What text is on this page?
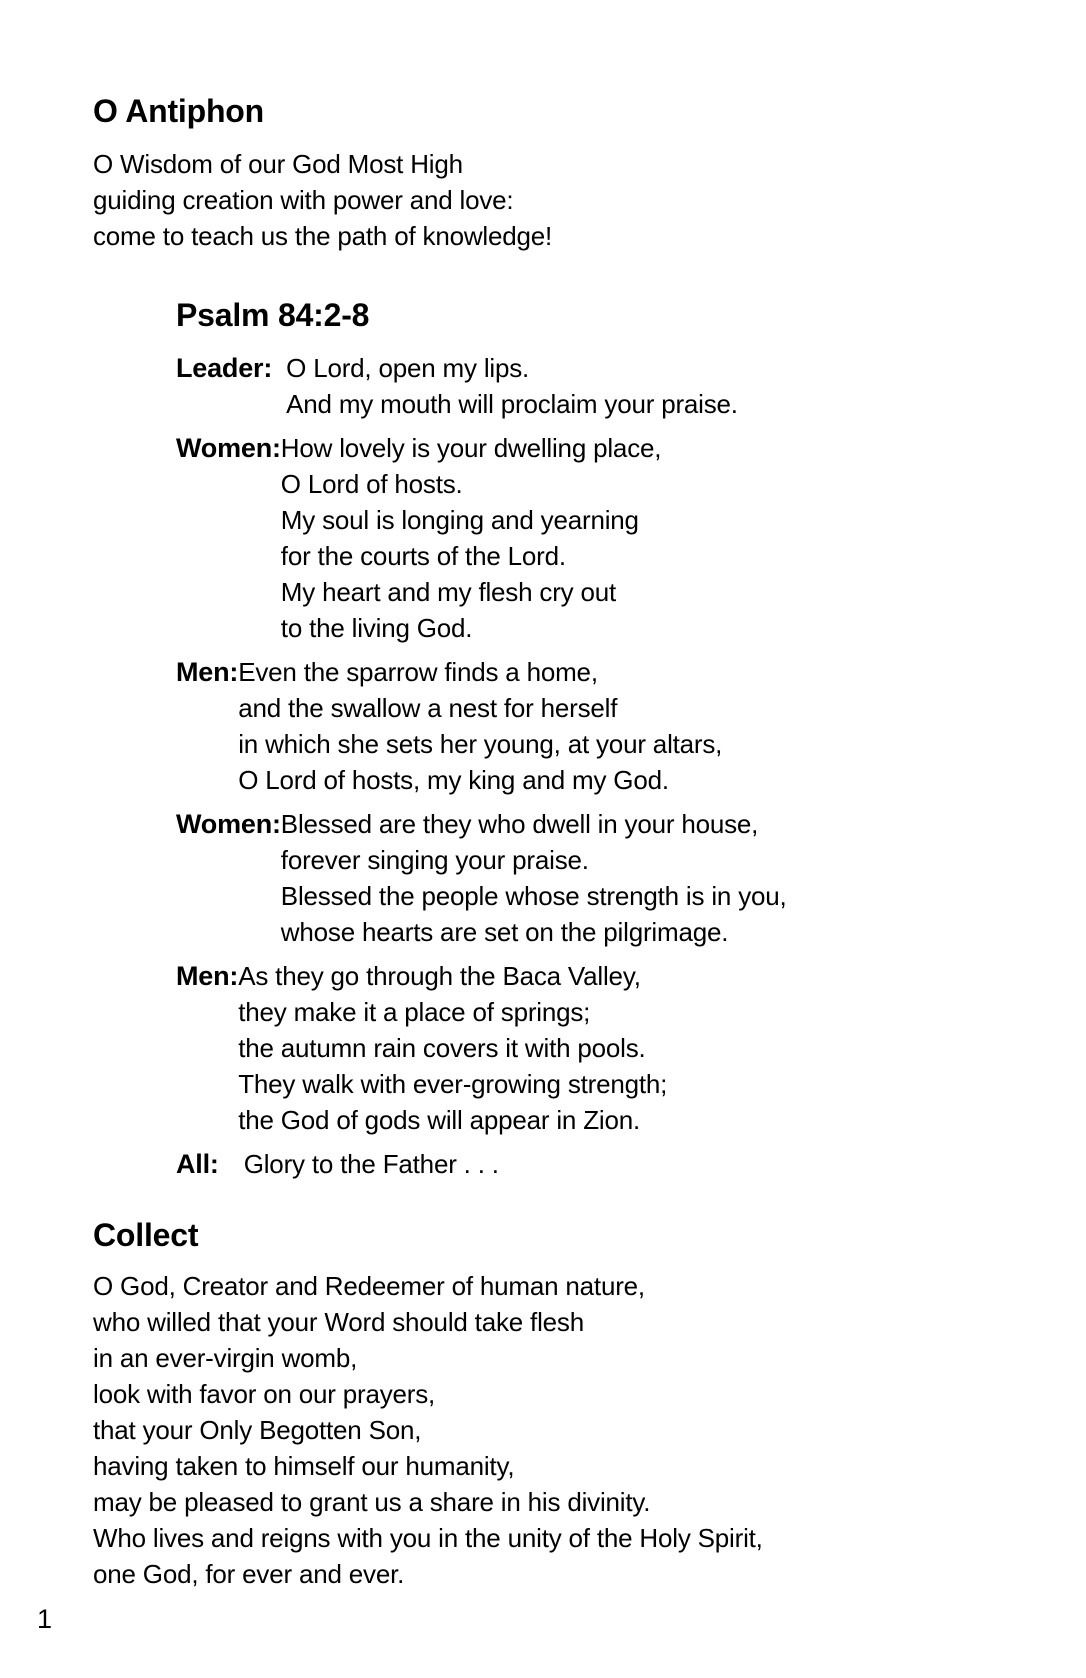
O Antiphon

O Wisdom of our God Most High
guiding creation with power and love:
come to teach us the path of knowledge!

Psalm 84:2-8
Leader: O Lord, open my lips.
And my mouth will proclaim your praise.
Women: How lovely is your dwelling place,
O Lord of hosts.
My soul is longing and yearning
for the courts of the Lord.
My heart and my flesh cry out
to the living God.
Men: Even the sparrow finds a home,
and the swallow a nest for herself
in which she sets her young, at your altars,
O Lord of hosts, my king and my God.
Women: Blessed are they who dwell in your house,
forever singing your praise.
Blessed the people whose strength is in you,
whose hearts are set on the pilgrimage.
Men: As they go through the Baca Valley,
they make it a place of springs;
the autumn rain covers it with pools.
They walk with ever-growing strength;
the God of gods will appear in Zion.
All: Glory to the Father . . .
Collect

O God, Creator and Redeemer of human nature,
who willed that your Word should take flesh
in an ever-virgin womb,
look with favor on our prayers,
that your Only Begotten Son,
having taken to himself our humanity,
may be pleased to grant us a share in his divinity.
Who lives and reigns with you in the unity of the Holy Spirit,
one God, for ever and ever.

1
